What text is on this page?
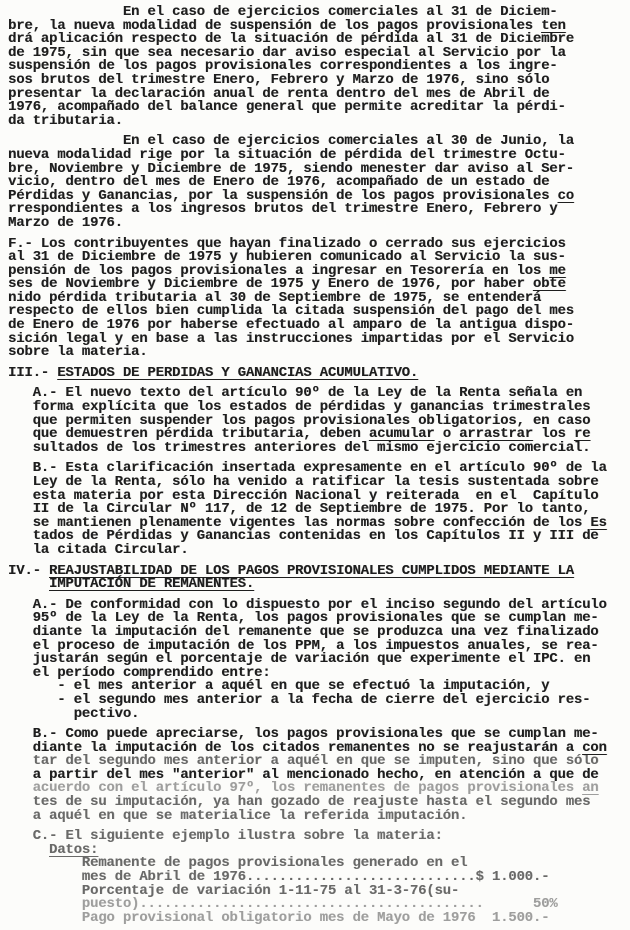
En el caso de ejercicios comerciales al 31 de Diciem-
bre, la nueva modalidad de suspensión de los pagos provisionales ten
drá aplicación respecto de la situación de pérdida al 31 de Diciembre
de 1975, sin que sea necesario dar aviso especial al Servicio por la
suspensión de los pagos provisionales correspondientes a los ingre-
sos brutos del trimestre Enero, Febrero y Marzo de 1976, sino sólo
presentar la declaración anual de renta dentro del mes de Abril de
1976, acompañado del balance general que permite acreditar la pérdi-
da tributaria.
En el caso de ejercicios comerciales al 30 de Junio, la
nueva modalidad rige por la situación de pérdida del trimestre Octu-
bre, Noviembre y Diciembre de 1975, siendo menester dar aviso al Ser-
vicio, dentro del mes de Enero de 1976, acompañado de un estado de
Pérdidas y Ganancias, por la suspensión de los pagos provisionales co
rrespondientes a los ingresos brutos del trimestre Enero, Febrero y
Marzo de 1976.
F.- Los contribuyentes que hayan finalizado o cerrado sus ejercicios
al 31 de Diciembre de 1975 y hubieren comunicado al Servicio la sus-
pensión de los pagos provisionales a ingresar en Tesorería en los me
ses de Noviembre y Diciembre de 1975 y Enero de 1976, por haber obte
nido pérdida tributaria al 30 de Septiembre de 1975, se entenderá
respecto de ellos bien cumplida la citada suspensión del pago del mes
de Enero de 1976 por haberse efectuado al amparo de la antigua dispo-
sición legal y en base a las instrucciones impartidas por el Servicio
sobre la materia.
III.- ESTADOS DE PERDIDAS Y GANANCIAS ACUMULATIVO.
A.- El nuevo texto del artículo 90º de la Ley de la Renta señala en
forma explícita que los estados de pérdidas y ganancias trimestrales
que permiten suspender los pagos provisionales obligatorios, en caso
que demuestren pérdida tributaria, deben acumular o arrastrar los re
sultados de los trimestres anteriores del mismo ejercicio comercial.
B.- Esta clarificación insertada expresamente en el artículo 90º de la
Ley de la Renta, sólo ha venido a ratificar la tesis sustentada sobre
esta materia por esta Dirección Nacional y reiterada  en el  Capítulo
II de la Circular Nº 117, de 12 de Septiembre de 1975. Por lo tanto,
se mantienen plenamente vigentes las normas sobre confección de los Es
tados de Pérdidas y Ganancias contenidas en los Capítulos II y III de
la citada Circular.
IV.- REAJUSTABILIDAD DE LOS PAGOS PROVISIONALES CUMPLIDOS MEDIANTE LA
IMPUTACIÓN DE REMANENTES.
A.- De conformidad con lo dispuesto por el inciso segundo del artículo
95º de la Ley de la Renta, los pagos provisionales que se cumplan me-
diante la imputación del remanente que se produzca una vez finalizado
el proceso de imputación de los PPM, a los impuestos anuales, se rea-
justarán según el porcentaje de variación que experimente el IPC. en
el período comprendido entre:
- el mes anterior a aquél en que se efectuó la imputación, y
- el segundo mes anterior a la fecha de cierre del ejercicio res-
pectivo.
B.- Como puede apreciarse, los pagos provisionales que se cumplan me-
diante la imputación de los citados remanentes no se reajustarán a con
tar del segundo mes anterior a aquél en que se imputen, sino que sólo
a partir del mes "anterior" al mencionado hecho, en atención a que de
acuerdo con el artículo 97º, los remanentes de pagos provisionales an
tes de su imputación, ya han gozado de reajuste hasta el segundo mes
a aquél en que se materialice la referida imputación.
C.- El siguiente ejemplo ilustra sobre la materia:
Datos:
Remanente de pagos provisionales generado en el
mes de Abril de 1976............................$ 1.000.-
Porcentaje de variación 1-11-75 al 31-3-76(su-
puesto)..........................................      50%
Pago provisional obligatorio mes de Mayo de 1976  1.500.-
